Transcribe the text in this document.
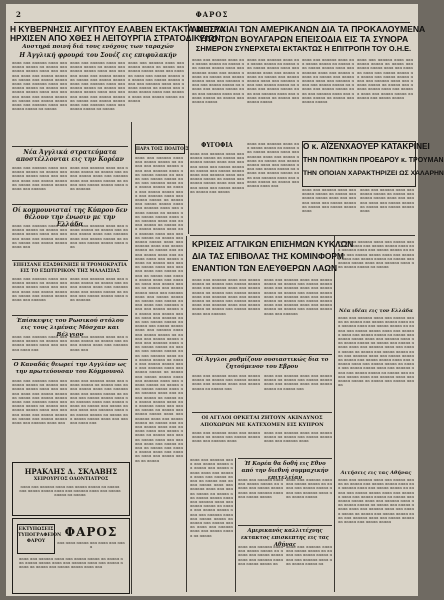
2	ΦΑΡΟΣ
Η ΚΥΒΕΡΝΗΣΙΣ ΑΙΓΥΠΤΟΥ ΕΛΑΒΕΝ ΕΚΤΑΚΤΑ ΜΕΤΡΑ
ΗΡΧΙΣΕΝ ΑΠΟ ΧΘΕΣ Η ΛΕΙΤΟΥΡΓΙΑ ΣΤΡΑΤΟΔΙΚΕΙΩΝ
Αυστηρά ποινή διά τους ενόχους των ταραχών
Η Άγγλική φρουρά του Σουέζ εις επιφυλακήν
αααα ααα αααααα αααα ααα ααααα ααααα αα ααααα ααα ααααα ααααα αααα ααα αααααα αααα ααα ααααα ααααα αα ααααα ααα ααααα ααααα αααα ααα αααααα αααα ααα ααααα ααααα αα ααααα ααα ααααα ααααα αααα ααα αααααα αααα ααα ααααα ααααα αα ααααα ααα ααααα ααααα αααα ααα αααααα αααα ααα ααααα ααααα αα ααααα
αααα ααα αααααα αααα ααα ααααα ααααα αα ααααα ααα ααααα ααααα αααα ααα αααααα αααα ααα ααααα ααααα αα ααααα ααα ααααα ααααα αααα ααα αααααα αααα ααα ααααα ααααα αα ααααα ααα ααααα ααααα αααα ααα αααααα αααα ααα ααααα ααααα αα ααααα ααα ααααα ααααα αααα ααα αααααα αααα ααα ααααα ααααα αα ααααα
αααα ααα αααααα αααα ααα ααααα ααααα αα ααααα ααα ααααα ααααα αααα ααα αααααα αααα ααα ααααα ααααα αα ααααα ααα ααααα ααααα αααα ααα αααααα αααα ααα ααααα ααααα αα ααααα ααα ααααα ααααα αααα ααα αααααα αααα ααα ααααα ααααα αα ααααα
ΑΝΗΣΥΧΙΑΙ ΤΩΝ ΑΜΕΡΙΚΑΝΩΝ ΔΙΑ ΤΑ ΠΡΟΚΑΛΟΥΜΕΝΑ
ΥΠΟ ΤΩΝ ΒΟΥΛΓΑΡΩΝ ΕΠΕΙΣΟΔΙΑ ΕΙΣ ΤΑ ΣΥΝΟΡΑ
ΣΗΜΕΡΟΝ ΣΥΝΕΡΧΕΤΑΙ ΕΚΤΑΚΤΩΣ Η ΕΠΙΤΡΟΠΗ ΤΟΥ Ο.Η.Ε.
αααα ααα αααααα αααα ααα ααααα ααααα αα ααααα ααα ααααα ααααα αααα ααα αααααα αααα ααα ααααα ααααα αα ααααα ααα ααααα ααααα αααα ααα αααααα αααα ααα ααααα ααααα αα ααααα ααα ααααα ααααα αααα ααα αααααα αααα ααα ααααα ααααα αα ααααα ααα ααααα ααααα
αααα ααα αααααα αααα ααα ααααα ααααα αα ααααα ααα ααααα ααααα αααα ααα αααααα αααα ααα ααααα ααααα αα ααααα ααα ααααα ααααα αααα ααα αααααα αααα ααα ααααα ααααα αα ααααα ααα ααααα ααααα αααα ααα αααααα αααα ααα ααααα ααααα αα ααααα ααα ααααα ααααα
αααα ααα αααααα αααα ααα ααααα ααααα αα ααααα ααα ααααα ααααα αααα ααα αααααα αααα ααα ααααα ααααα αα ααααα ααα ααααα ααααα αααα ααα αααααα αααα ααα ααααα ααααα αα ααααα ααα ααααα ααααα αααα ααα αααααα αααα ααα ααααα ααααα αα ααααα ααα ααααα ααααα
αααα ααα αααααα αααα ααα ααααα ααααα αα ααααα ααα ααααα ααααα αααα ααα αααααα αααα ααα ααααα ααααα αα ααααα ααα ααααα ααααα αααα ααα αααααα αααα ααα ααααα ααααα αα ααααα ααα ααααα ααααα αααα ααα αααααα αααα ααα ααααα ααααα αα ααααα ααα ααααα ααααα
Νέα Άγγλικά στρατεύματα αποστέλλονται εις την Κορέαν
αααα ααα αααααα αααα ααα ααααα ααααα αα ααααα ααα ααααα ααααα αααα ααα αααααα αααα ααα ααααα ααααα αα ααααα ααα ααααα ααααα αααα ααα αααααα
αααα ααα αααααα αααα ααα ααααα ααααα αα ααααα ααα ααααα ααααα αααα ααα αααααα αααα ααα ααααα ααααα αα ααααα ααα ααααα ααααα αααα ααα αααααα
Οί κομμουνισταί της Κύπρου δεν θέλουν την ένωσιν με την Ελλάδα
αααα ααα αααααα αααα ααα ααααα ααααα αα ααααα ααα ααααα ααααα αααα ααα αααααα αααα ααα ααααα ααααα αα ααααα ααα ααααα ααααα αααα ααα
αααα ααα αααααα αααα ααα ααααα ααααα αα ααααα ααα ααααα ααααα αααα ααα αααααα αααα ααα ααααα ααααα αα ααααα ααα ααααα ααααα αααα ααα
ΕΠΕΙΣΑΝΕ ΕΞΑΣΘΕΝΗΣΕ Η ΤΡΟΜΟΚΡΑΤΙΑ
ΕΙΣ ΤΟ ΕΣΩΤΕΡΙΚΟΝ ΤΗΣ ΜΑΛΑΙΣΙΑΣ
αααα ααα αααααα αααα ααα ααααα ααααα αα ααααα ααα ααααα ααααα αααα ααα αααααα αααα ααα ααααα ααααα αα ααααα ααα ααααα ααααα αααα ααα αααααα
αααα ααα αααααα αααα ααα ααααα ααααα αα ααααα ααα ααααα ααααα αααα ααα αααααα αααα ααα ααααα ααααα αα ααααα ααα ααααα ααααα αααα ααα αααααα
Έπίσκεψις του Ρωσικού στόλου εις τους λιμένας Μόσχαν και Βέλγιον
αααα ααα αααααα αααα ααα ααααα ααααα αα ααααα ααα ααααα ααααα αααα ααα αααααα αααα ααα
αααα ααα αααααα αααα ααα ααααα ααααα αα ααααα ααα ααααα ααααα αααα ααα αααααα αααα ααα
Ο Καναδάς θεωρεί την Αγγλίαν ως την πρωτεύουσαν του Κόμμουνολ
αααα ααα αααααα αααα ααα ααααα ααααα αα ααααα ααα ααααα ααααα αααα ααα αααααα αααα ααα ααααα ααααα αα ααααα ααα ααααα ααααα αααα ααα αααααα αααα ααα ααααα ααααα αα ααααα ααα ααααα ααααα αααα ααα αααααα αααα ααα ααααα ααααα αα ααααα ααα ααααα ααααα αααα ααα αααααα αααα ααα
αααα ααα αααααα αααα ααα ααααα ααααα αα ααααα ααα ααααα ααααα αααα ααα αααααα αααα ααα ααααα ααααα αα ααααα ααα ααααα ααααα αααα ααα αααααα αααα ααα ααααα ααααα αα ααααα ααα ααααα ααααα αααα ααα αααααα αααα ααα ααααα ααααα αα ααααα ααα ααααα ααααα αααα ααα αααααα αααα ααα
ΗΡΑΚΛΗΣ Δ. ΣΚΛΑΒΗΣ
ΧΕΙΡΟΥΡΓΟΣ ΟΔΟΝΤΙΑΤΡΟΣ
αααα ααα αααααα αααα ααα ααααα ααααα αα ααααα ααα ααααα ααααα αααα ααα αααααα αααα ααα ααααα ααααα αα ααααα
ΕΚΤΥΠΩΣΕΙΣ ΤΥΠΟΓΡΑΦΕΙΟΝ ΦΑΡΟΥ
ΦΑΡΟΣ
ααα αααα ααααα ααα αααα ααα αααα
αααα ααα αααααα αααα ααα ααααα ααααα αα ααααα ααα ααααα ααααα αααα ααα αααααα αααα ααα ααααα ααααα αα ααααα ααα ααααα ααααα αααα ααα
ΠΑΡΑ ΤΟΙΣ ΠΟΛΙΤΟΙΣ
αααα ααα αααααα αααα ααα ααααα ααααα αα ααααα ααα ααααα ααααα αααα ααα αααααα αααα ααα ααααα ααααα αα ααααα ααα ααααα ααααα αααα ααα αααααα αααα ααα ααααα ααααα αα ααααα ααα ααααα ααααα αααα ααα αααααα αααα ααα ααααα ααααα αα ααααα ααα ααααα ααααα αααα ααα αααααα αααα ααα ααααα ααααα αα ααααα ααα ααααα ααααα αααα ααα αααααα αααα ααα ααααα ααααα αα ααααα ααα ααααα ααααα αααα ααα αααααα αααα ααα ααααα ααααα αα ααααα ααα ααααα ααααα αααα ααα αααααα αααα ααα ααααα ααααα αα ααααα ααα ααααα ααααα αααα ααα αααααα αααα ααα ααααα ααααα αα ααααα ααα ααααα ααααα αααα ααα αααααα αααα ααα ααααα ααααα αα ααααα ααα ααααα ααααα αααα ααα αααααα αααα ααα ααααα ααααα αα ααααα ααα ααααα ααααα αααα ααα αααααα αααα ααα ααααα ααααα αα ααααα ααα ααααα ααααα αααα ααα αααααα αααα ααα ααααα ααααα αα ααααα ααα ααααα ααααα αααα ααα αααααα αααα ααα ααααα ααααα αα ααααα ααα ααααα ααααα αααα ααα αααααα αααα ααα ααααα ααααα αα ααααα ααα ααααα ααααα αααα ααα αααααα αααα ααα ααααα ααααα αα ααααα ααα ααααα ααααα αααα ααα αααααα αααα ααα ααααα ααααα αα ααααα ααα ααααα ααααα αααα ααα αααααα αααα ααα ααααα ααααα αα ααααα ααα ααααα ααααα αααα ααα αααααα αααα ααα ααααα ααααα αα ααααα ααα ααααα ααααα αααα ααα αααααα αααα ααα ααααα ααααα αα ααααα ααα ααααα ααααα αααα ααα αααααα αααα ααα ααααα ααααα αα ααααα ααα ααααα ααααα αααα ααα αααααα αααα ααα ααααα ααααα αα ααααα ααα ααααα ααααα αααα ααα αααααα αααα ααα ααααα ααααα αα ααααα ααα ααααα ααααα αααα ααα αααααα αααα ααα ααααα ααααα αα ααααα ααα ααααα ααααα αααα ααα αααααα αααα ααα ααααα ααααα αα ααααα
ΦΥΓΟΦΙΑ
αααα ααα αααααα αααα ααα ααααα ααααα αα ααααα ααα ααααα ααααα αααα ααα αααααα αααα ααα ααααα ααααα αα ααααα ααα ααααα ααααα αααα ααα αααααα αααα ααα ααααα ααααα αα ααααα ααα ααααα ααααα αααα ααα αααααα αααα ααα ααααα ααααα αα ααααα ααα ααααα
αααα ααα αααααα αααα ααα ααααα ααααα αα ααααα ααα ααααα ααααα αααα ααα αααααα αααα ααα ααααα ααααα αα ααααα ααα ααααα ααααα αααα ααα αααααα αααα ααα ααααα ααααα αα ααααα ααα ααααα ααααα αααα ααα αααααα αααα ααα ααααα ααααα αα ααααα ααα ααααα αααα ααα
Ο κ. ΑΪΖΕΝΧΑΟΥΕΡ ΚΑΤΑΚΡΙΝΕΙ
ΤΗΝ ΠΟΛΙΤΙΚΗΝ ΠΡΟΕΔΡΟΥ κ. ΤΡΟΥΜΑΝ
ΤΗΝ ΟΠΟΙΑΝ ΧΑΡΑΚΤΗΡΙΖΕΙ ΩΣ ΧΑΛΑΡΗΝ
αααα ααα αααααα αααα ααα ααααα ααααα αα ααααα ααα ααααα ααααα αααα ααα αααααα αααα ααα ααααα ααααα αα ααααα ααα ααααα ααααα αααα
αααα ααα αααααα αααα ααα ααααα ααααα αα ααααα ααα ααααα ααααα αααα ααα αααααα αααα ααα ααααα ααααα αα ααααα ααα ααααα ααααα αααα
ΚΡΙΣΕΙΣ ΑΓΓΛΙΚΩΝ ΕΠΙΣΗΜΩΝ ΚΥΚΛΩΝ
ΔΙΑ ΤΑΣ ΕΠΙΒΟΛΑΣ ΤΗΣ ΚΟΜΙΝΦΟΡΜ
ΕΝΑΝΤΙΟΝ ΤΩΝ ΕΛΕΥΘΕΡΩΝ ΛΑΩΝ
αααα ααα αααααα αααα ααα ααααα ααααα αα ααααα ααα ααααα ααααα αααα ααα αααααα αααα ααα ααααα ααααα αα ααααα ααα ααααα ααααα αααα ααα αααααα αααα ααα ααααα ααααα αα ααααα ααα ααααα ααααα αααα ααα αααααα αααα ααα ααααα ααααα αα ααααα ααα ααααα ααααα αααα ααα αααααα
αααα ααα αααααα αααα ααα ααααα ααααα αα ααααα ααα ααααα ααααα αααα ααα αααααα αααα ααα ααααα ααααα αα ααααα ααα ααααα ααααα αααα ααα αααααα αααα ααα ααααα ααααα αα ααααα ααα ααααα ααααα αααα ααα αααααα αααα ααα ααααα ααααα αα ααααα ααα ααααα ααααα αααα ααα αααααα
Οί Άγγλοι ρυθμίζουν ουσιαστικώς δια το ζητούμενον του Εβρου
αααα ααα αααααα αααα ααα ααααα ααααα αα ααααα ααα ααααα ααααα αααα ααα αααααα αααα ααα ααααα ααααα αα ααααα ααα
αααα ααα αααααα αααα ααα ααααα ααααα αα ααααα ααα ααααα ααααα αααα ααα αααααα αααα ααα ααααα ααααα αα ααααα ααα
ΟΙ ΑΓΓΛΟΙ ΟΡΚΕΤΑΙ ΖΗΤΟΥΝ ΑΚΙΝΔΥΝΟΣ
ΑΠΟΧΩΡΩΝ ΜΕ ΚΑΤΕΧΟΜΕΝ ΕΙΣ ΚΥΠΡΟΝ
αααα ααα αααααα αααα ααα ααααα ααααα αα ααααα ααα ααααα ααααα αααα ααα αααααα αααα
αααα ααα αααααα αααα ααα ααααα ααααα αα ααααα ααα ααααα ααααα αααα ααα αααααα αααα
Ή Κορέα θα δοθή εις Εθνο από την διεθνή συμμαχικήν επιτελείαν
αααα ααα αααααα αααα ααα ααααα ααααα αα ααααα ααα ααααα ααααα αααα ααα αααααα αααα ααα ααααα ααααα
αααα ααα αααααα αααα ααα ααααα ααααα αα ααααα ααα ααααα ααααα αααα ααα αααααα αααα ααα ααααα ααααα
αααα ααα αααααα αααα ααα ααααα ααααα αα ααααα ααα ααααα ααααα αααα ααα αααααα αααα ααα ααααα ααααα αα ααααα ααα ααααα ααααα αααα ααα αααααα αααα ααα ααααα ααααα αα ααααα ααα ααααα ααααα αααα ααα αααααα αααα ααα ααααα ααααα αα ααααα ααα ααααα ααααα αααα ααα αααααα αααα ααα ααααα ααααα αα ααααα ααα ααααα ααααα αααα ααα αααααα αααα ααα ααααα ααααα αα ααααα
Αμερικανός καλλιτέχνης εκτακτος επισκεπτης εις τας Αθήνας
αααα ααα αααααα αααα ααα ααααα ααααα αα ααααα ααα ααααα ααααα αααα ααα αααααα αααα ααα ααααα ααααα αα
αααα ααα αααααα αααα ααα ααααα ααααα αα ααααα ααα ααααα ααααα αααα ααα αααααα αααα ααα ααααα ααααα αα
αααα ααα αααααα αααα ααα ααααα ααααα αα ααααα ααα ααααα ααααα αααα ααα αααααα αααα ααα ααααα ααααα αα ααααα ααα ααααα ααααα αααα ααα αααααα αααα ααα ααααα ααααα αα ααααα ααα ααααα ααααα αααα ααα αααααα αααα ααα ααααα ααααα αα ααααα
Νέα ιδέαι εις τον Ελλάδα
αααα ααα αααααα αααα ααα ααααα ααααα αα ααααα ααα ααααα ααααα αααα ααα αααααα αααα ααα ααααα ααααα αα ααααα ααα ααααα ααααα αααα ααα αααααα αααα ααα ααααα ααααα αα ααααα ααα ααααα ααααα αααα ααα αααααα αααα ααα ααααα ααααα αα ααααα ααα ααααα ααααα αααα ααα αααααα αααα ααα ααααα ααααα αα ααααα ααα ααααα ααααα αααα ααα αααααα αααα ααα ααααα ααααα αα ααααα ααα ααααα ααααα αααα ααα αααααα αααα ααα ααααα ααααα αα ααααα ααα ααααα ααααα αααα ααα αααααα αααα ααα ααααα ααααα αα ααααα ααα ααααα ααααα αααα ααα αααααα αααα ααα ααααα ααααα αα ααααα ααα ααααα ααααα
Αιτήσεις εις τας Αθήνας
αααα ααα αααααα αααα ααα ααααα ααααα αα ααααα ααα ααααα ααααα αααα ααα αααααα αααα ααα ααααα ααααα αα ααααα ααα ααααα ααααα αααα ααα αααααα αααα ααα ααααα ααααα αα ααααα ααα ααααα ααααα αααα ααα αααααα αααα ααα ααααα ααααα αα ααααα ααα ααααα ααααα αααα ααα αααααα αααα ααα ααααα ααααα αα ααααα ααα ααααα ααααα αααα ααα αααααα αααα ααα ααααα ααααα αα ααααα ααα ααααα ααααα
